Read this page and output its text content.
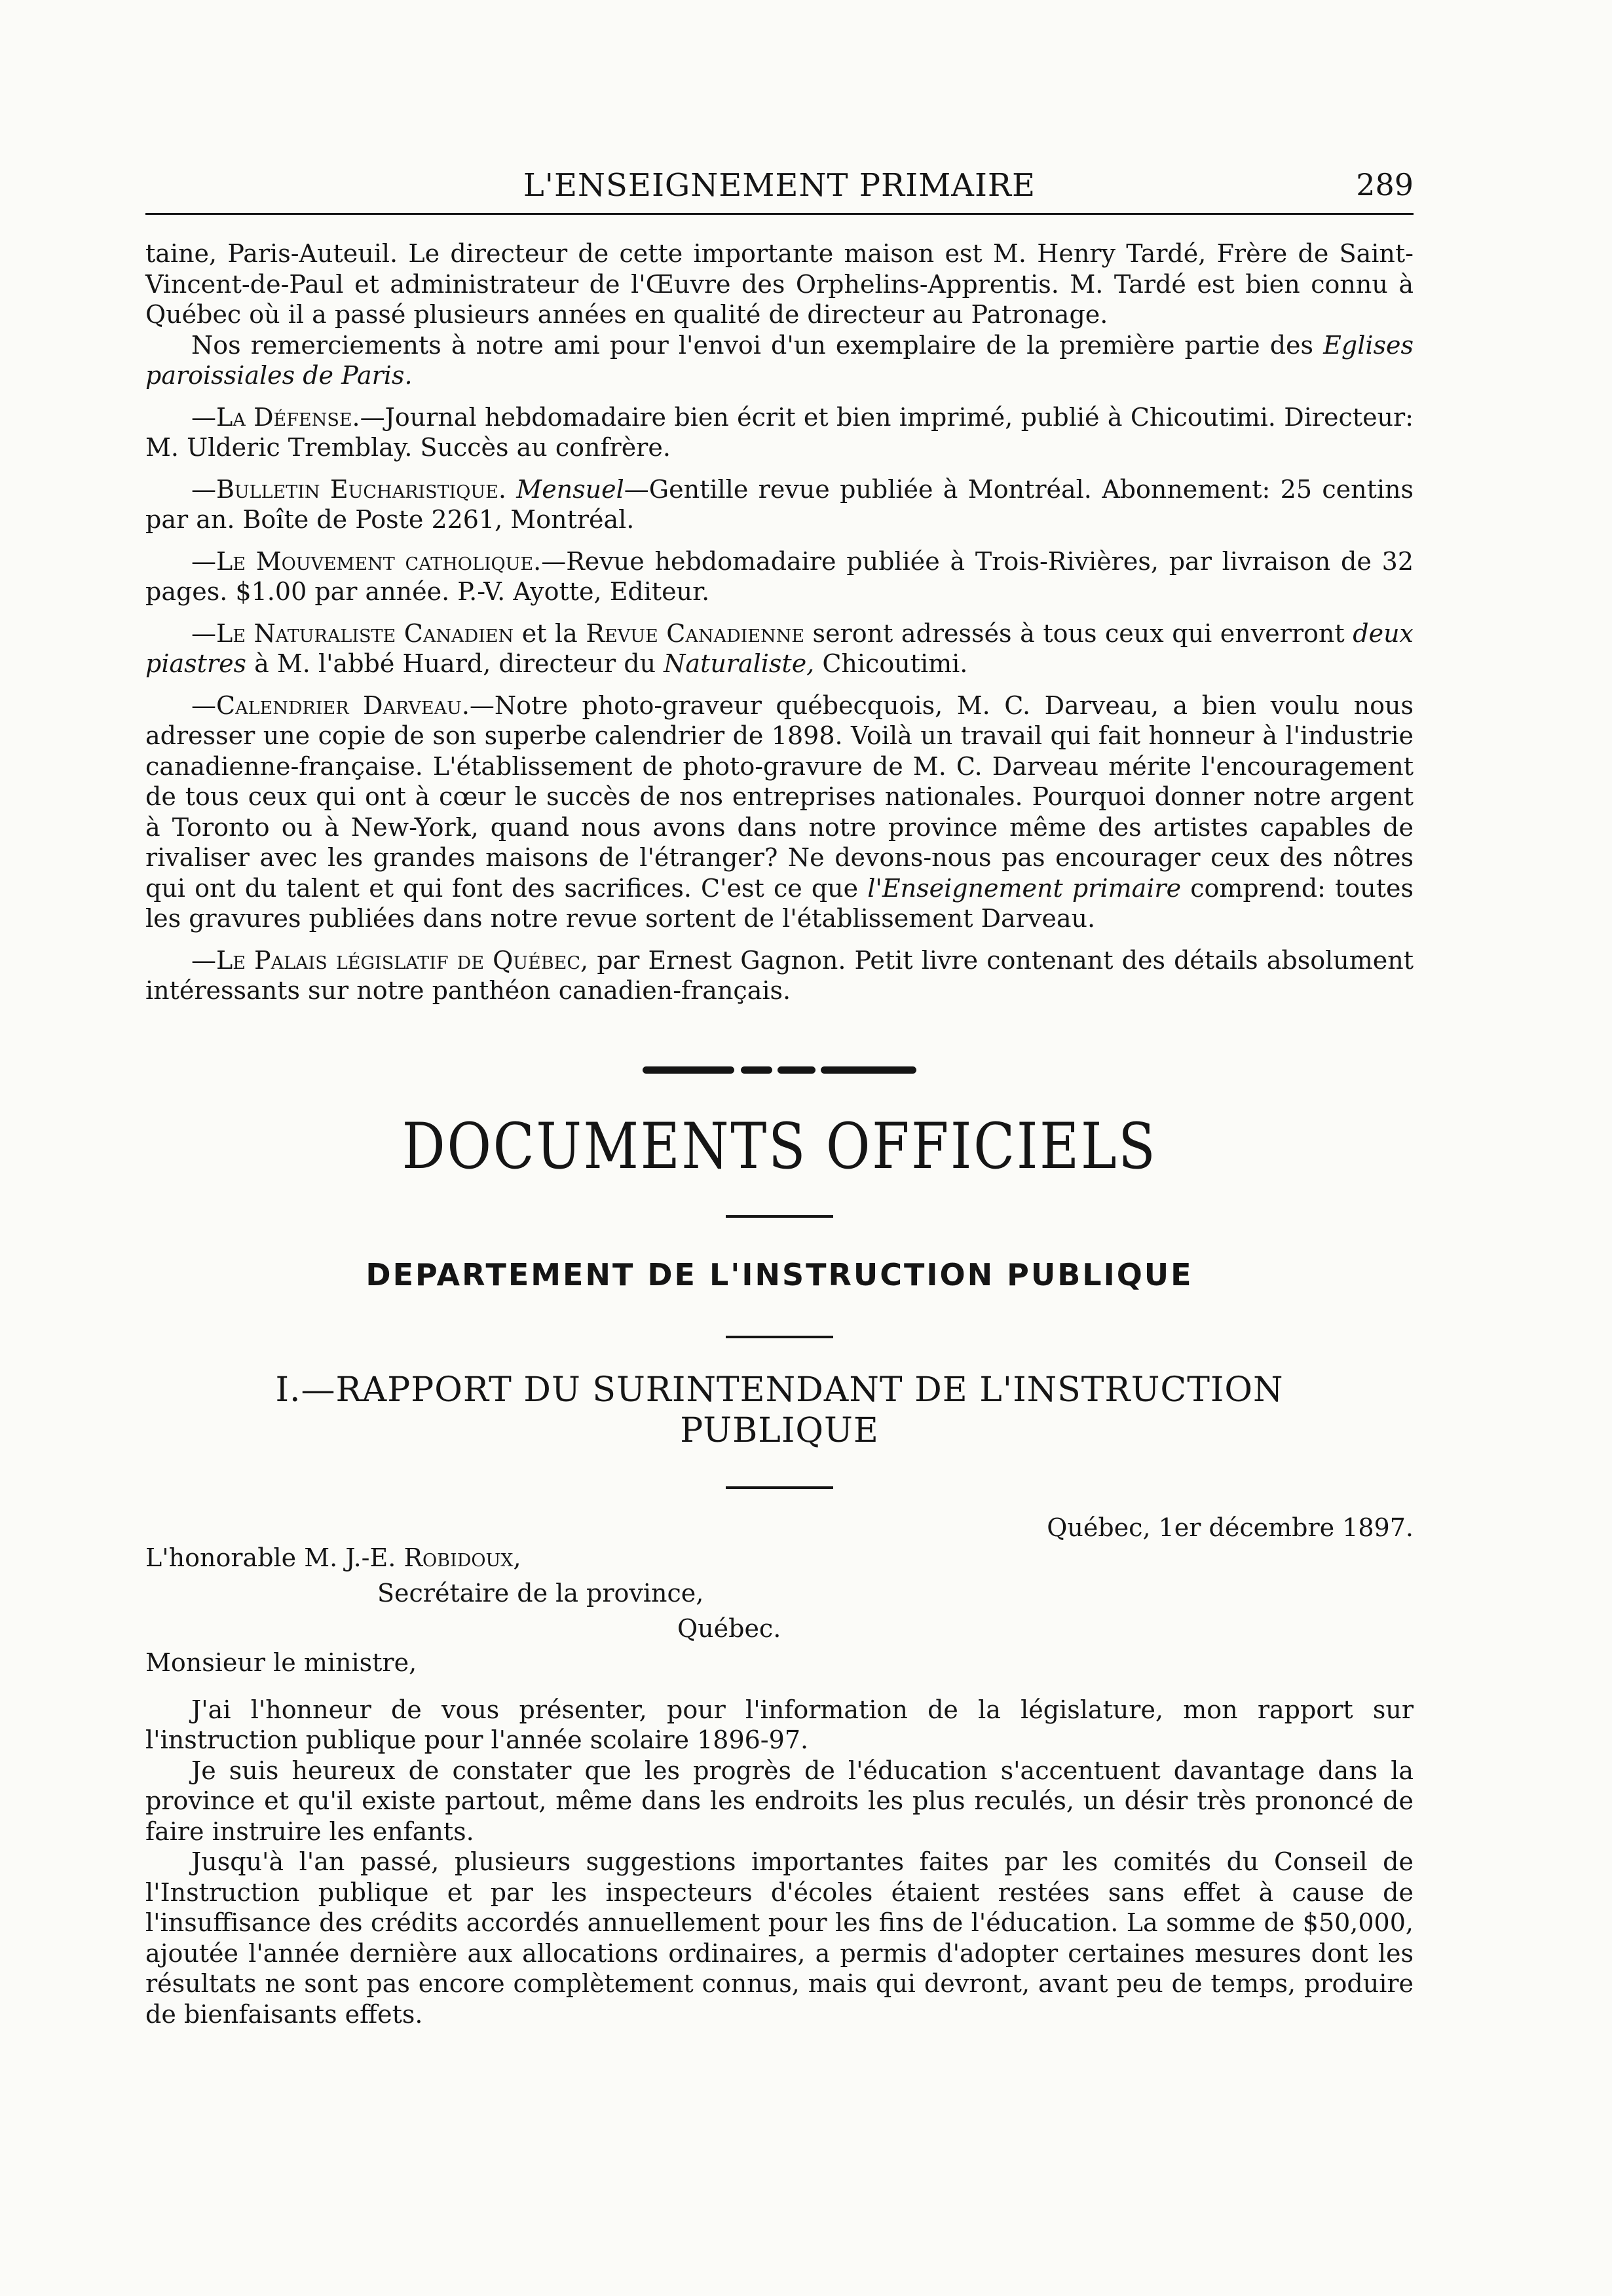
L'ENSEIGNEMENT PRIMAIRE	289

taine, Paris-Auteuil. Le directeur de cette importante maison est M. Henry Tardé, Frère de Saint-Vincent-de-Paul et administrateur de l'Œuvre des Orphelins-Apprentis. M. Tardé est bien connu à Québec où il a passé plusieurs années en qualité de directeur au Patronage.

Nos remerciements à notre ami pour l'envoi d'un exemplaire de la première partie des Eglises paroissiales de Paris.

—La Défense.—Journal hebdomadaire bien écrit et bien imprimé, publié à Chicoutimi. Directeur: M. Ulderic Tremblay. Succès au confrère.

—Bulletin Eucharistique. Mensuel—Gentille revue publiée à Montréal. Abonnement: 25 centins par an. Boîte de Poste 2261, Montréal.

—Le Mouvement catholique.—Revue hebdomadaire publiée à Trois-Rivières, par livraison de 32 pages. $1.00 par année. P.-V. Ayotte, Editeur.

—Le Naturaliste Canadien et la Revue Canadienne seront adressés à tous ceux qui enverront deux piastres à M. l'abbé Huard, directeur du Naturaliste, Chicoutimi.

—Calendrier Darveau.—Notre photo-graveur québecquois, M. C. Darveau, a bien voulu nous adresser une copie de son superbe calendrier de 1898. Voilà un travail qui fait honneur à l'industrie canadienne-française. L'établissement de photo-gravure de M. C. Darveau mérite l'encouragement de tous ceux qui ont à cœur le succès de nos entreprises nationales. Pourquoi donner notre argent à Toronto ou à New-York, quand nous avons dans notre province même des artistes capables de rivaliser avec les grandes maisons de l'étranger? Ne devons-nous pas encourager ceux des nôtres qui ont du talent et qui font des sacrifices. C'est ce que l'Enseignement primaire comprend: toutes les gravures publiées dans notre revue sortent de l'établissement Darveau.

—Le Palais législatif de Québec, par Ernest Gagnon. Petit livre contenant des détails absolument intéressants sur notre panthéon canadien-français.

DOCUMENTS OFFICIELS
DEPARTEMENT DE L'INSTRUCTION PUBLIQUE
I.—RAPPORT DU SURINTENDANT DE L'INSTRUCTION
PUBLIQUE
Québec, 1er décembre 1897.
L'honorable M. J.-E. Robidoux,
Secrétaire de la province,
Québec.
Monsieur le ministre,

J'ai l'honneur de vous présenter, pour l'information de la législature, mon rapport sur l'instruction publique pour l'année scolaire 1896-97.

Je suis heureux de constater que les progrès de l'éducation s'accentuent davantage dans la province et qu'il existe partout, même dans les endroits les plus reculés, un désir très prononcé de faire instruire les enfants.

Jusqu'à l'an passé, plusieurs suggestions importantes faites par les comités du Conseil de l'Instruction publique et par les inspecteurs d'écoles étaient restées sans effet à cause de l'insuffisance des crédits accordés annuellement pour les fins de l'éducation. La somme de $50,000, ajoutée l'année dernière aux allocations ordinaires, a permis d'adopter certaines mesures dont les résultats ne sont pas encore complètement connus, mais qui devront, avant peu de temps, produire de bienfaisants effets.
